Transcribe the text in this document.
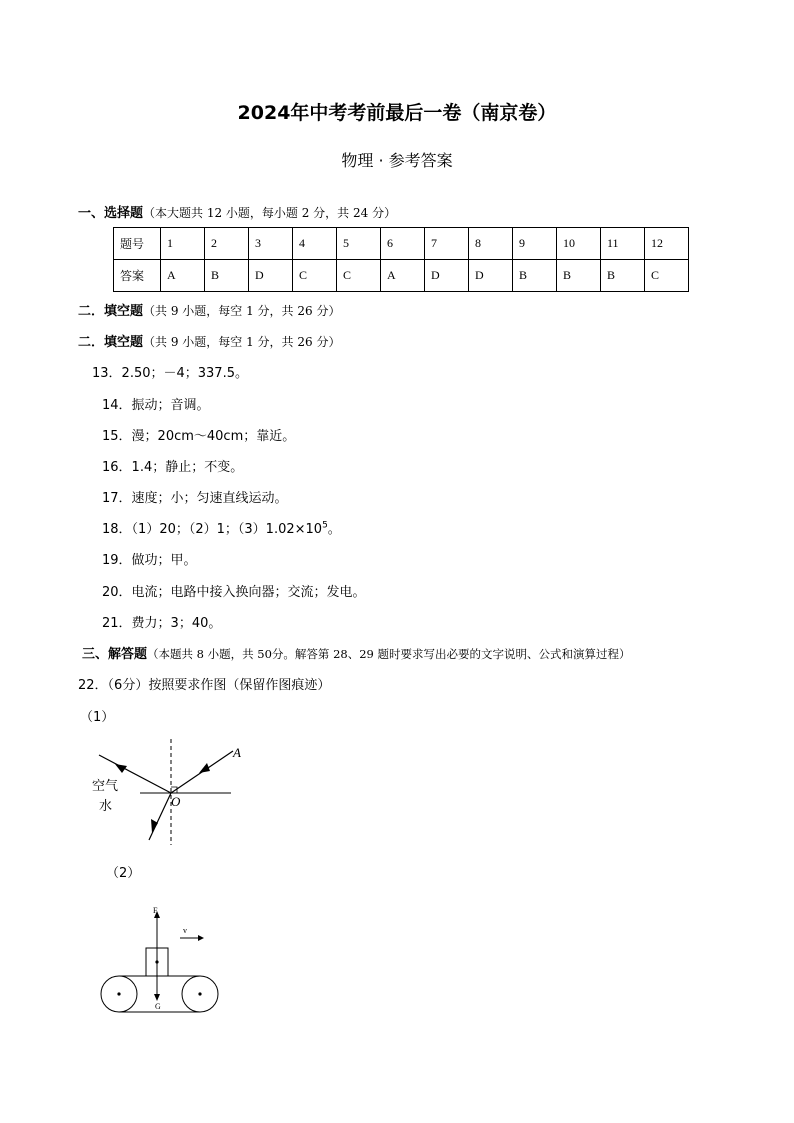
2024年中考考前最后一卷（南京卷）
物理 · 参考答案
一、选择题（本大题共 12 小题，每小题 2 分，共 24 分）
题号	1	2	3	4	5	6	7	8	9	10	11	12
答案	A	B	D	C	C	A	D	D	B	B	B	C
二．填空题（共 9 小题，每空 1 分，共 26 分）
二．填空题（共 9 小题，每空 1 分，共 26 分）
13．2.50；－4；337.5。
14．振动；音调。
15．漫；20cm～40cm；靠近。
16．1.4；静止；不变。
17．速度；小；匀速直线运动。
18．（1）20；（2）1；$(3)1.02\times 10^5$。
19．做功；甲。
20．电流；电路中接入换向器；交流；发电。
21．费力；3；40。
三、解答题（本题共 8 小题，共 50分。解答第 28、29 题时要求写出必要的文字说明、公式和演算过程）
22．（6分）按照要求作图（保留作图痕迹）
（1）
A
O
空气
水
（2）
F
v
G
